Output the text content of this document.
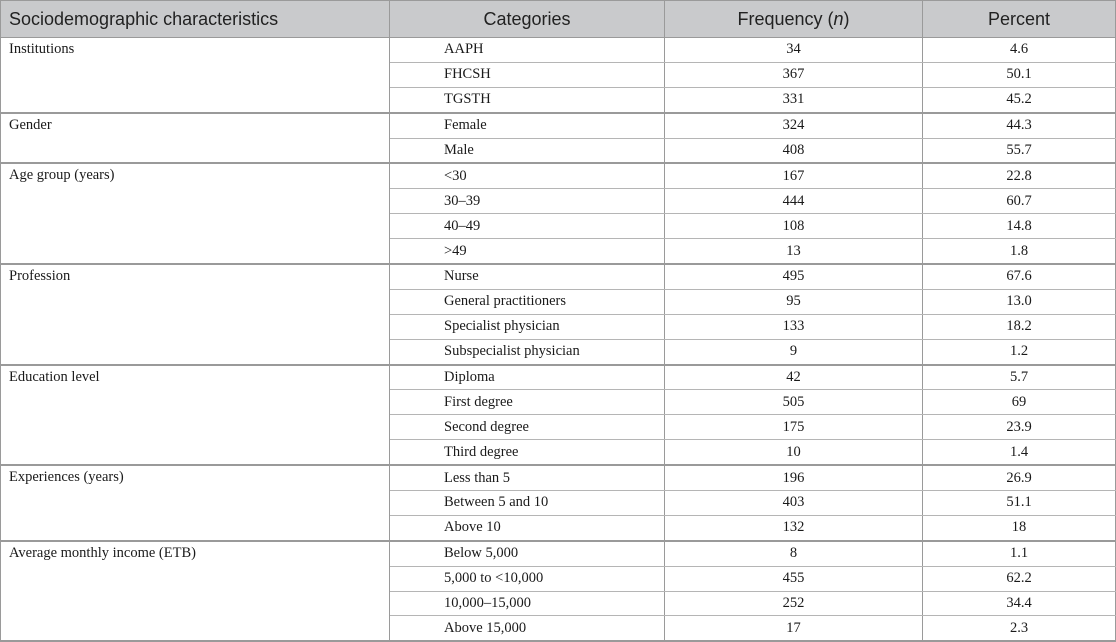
Sociodemographic characteristics	Categories	Frequency (n)	Percent
Institutions	AAPH	34	4.6
	FHCSH	367	50.1
	TGSTH	331	45.2
Gender	Female	324	44.3
	Male	408	55.7
Age group (years)	<30	167	22.8
	30–39	444	60.7
	40–49	108	14.8
	>49	13	1.8
Profession	Nurse	495	67.6
	General practitioners	95	13.0
	Specialist physician	133	18.2
	Subspecialist physician	9	1.2
Education level	Diploma	42	5.7
	First degree	505	69
	Second degree	175	23.9
	Third degree	10	1.4
Experiences (years)	Less than 5	196	26.9
	Between 5 and 10	403	51.1
	Above 10	132	18
Average monthly income (ETB)	Below 5,000	8	1.1
	5,000 to <10,000	455	62.2
	10,000–15,000	252	34.4
	Above 15,000	17	2.3
